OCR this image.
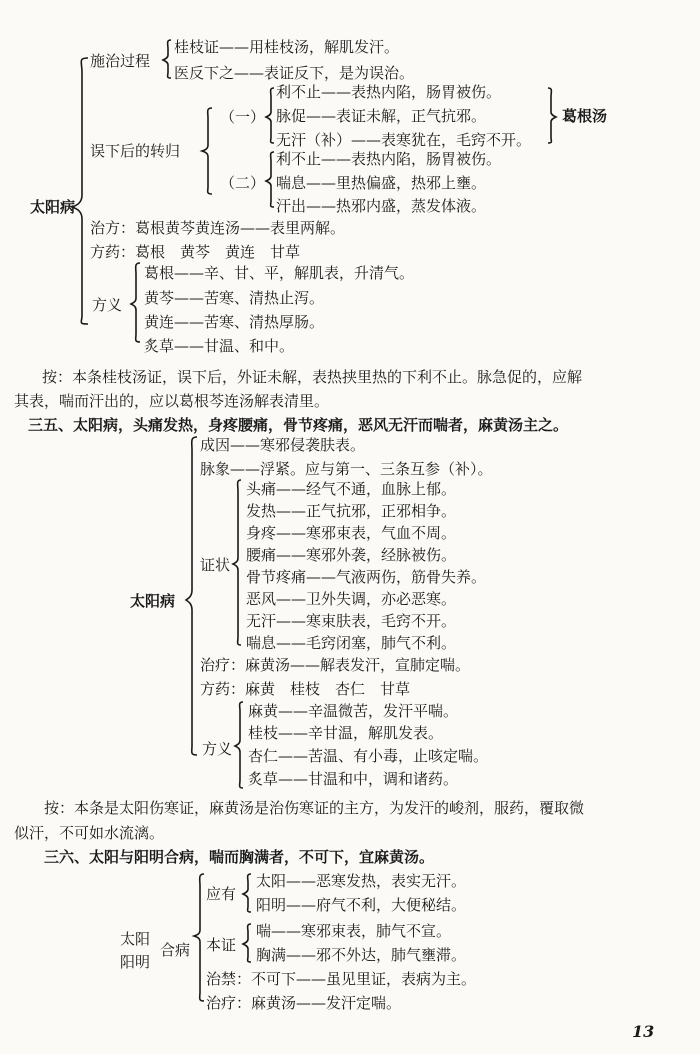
太阳病
施治过程
桂枝证——用桂枝汤，解肌发汗。
医反下之——表证反下，是为误治。
误下后的转归
（一）
利不止——表热内陷，肠胃被伤。
脉促——表证未解，正气抗邪。
无汗（补）——表寒犹在，毛窍不开。
葛根汤
（二）
利不止——表热内陷，肠胃被伤。
喘息——里热偏盛，热邪上壅。
汗出——热邪内盛，蒸发体液。
治方：葛根黄芩黄连汤——表里两解。
方药：葛根　黄芩　黄连　甘草
方义
葛根——辛、甘、平，解肌表，升清气。
黄芩——苦寒、清热止泻。
黄连——苦寒、清热厚肠。
炙草——甘温、和中。
按：本条桂枝汤证，误下后，外证未解，表热挟里热的下利不止。脉急促的，应解
其表，喘而汗出的，应以葛根芩连汤解表清里。
三五、太阳病，头痛发热，身疼腰痛，骨节疼痛，恶风无汗而喘者，麻黄汤主之。
太阳病
成因——寒邪侵袭肤表。
脉象——浮紧。应与第一、三条互参（补）。
证状
头痛——经气不通，血脉上郁。
发热——正气抗邪，正邪相争。
身疼——寒邪束表，气血不周。
腰痛——寒邪外袭，经脉被伤。
骨节疼痛——气液两伤，筋骨失养。
恶风——卫外失调，亦必恶寒。
无汗——寒束肤表，毛窍不开。
喘息——毛窍闭塞，肺气不利。
治疗：麻黄汤——解表发汗，宣肺定喘。
方药：麻黄　桂枝　杏仁　甘草
方义
麻黄——辛温微苦，发汗平喘。
桂枝——辛甘温，解肌发表。
杏仁——苦温、有小毒，止咳定喘。
炙草——甘温和中，调和诸药。
按：本条是太阳伤寒证，麻黄汤是治伤寒证的主方，为发汗的峻剂，服药，覆取微
似汗，不可如水流漓。
三六、太阳与阳明合病，喘而胸满者，不可下，宜麻黄汤。
太阳
阳明
合病
应有
太阳——恶寒发热，表实无汗。
阳明——府气不利，大便秘结。
本证
喘——寒邪束表，肺气不宣。
胸满——邪不外达，肺气壅滞。
治禁：不可下——虽见里证，表病为主。
治疗：麻黄汤——发汗定喘。
13
